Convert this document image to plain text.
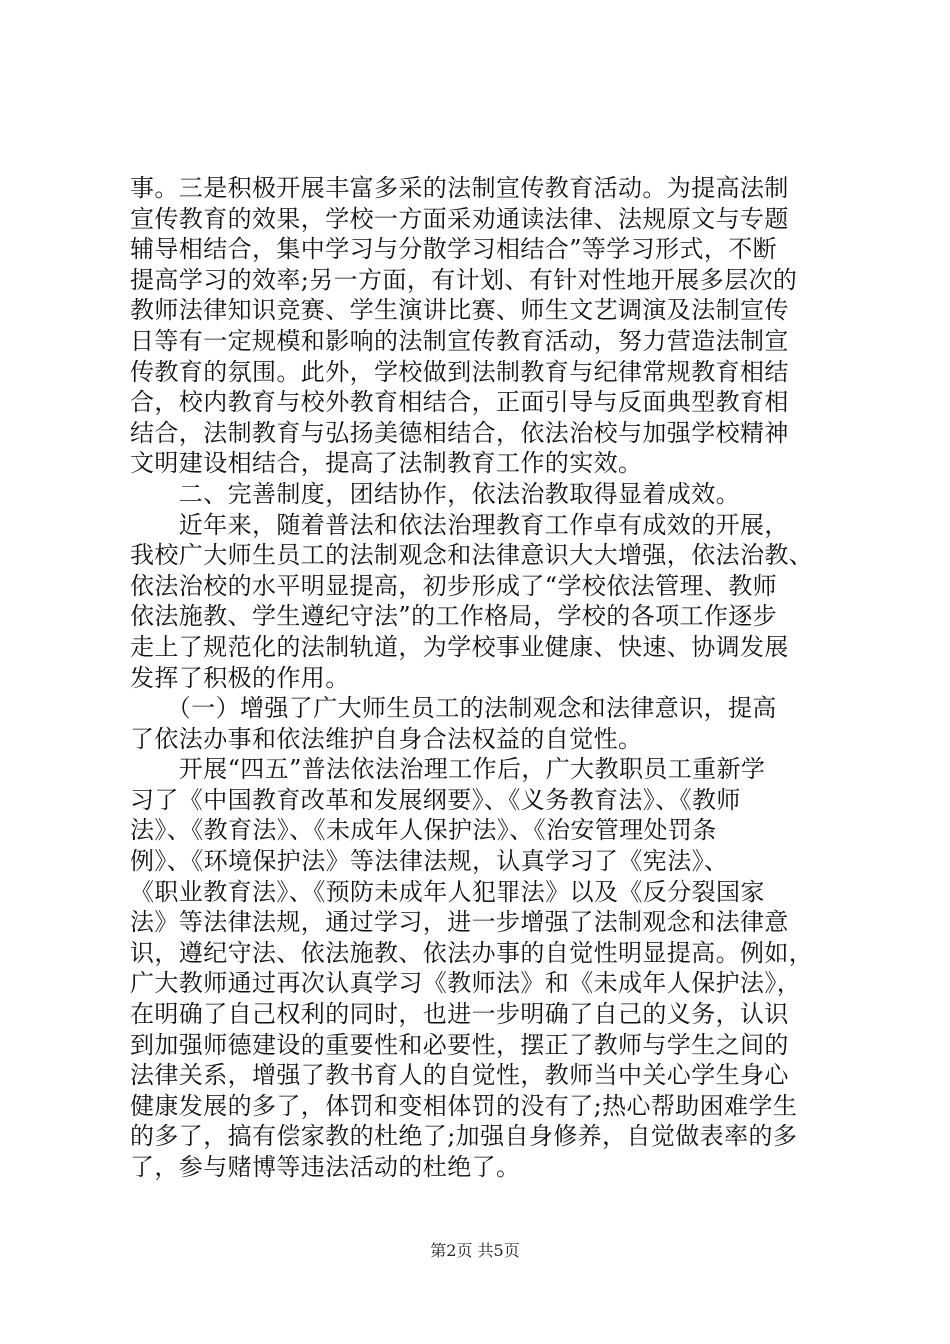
事。三是积极开展丰富多采的法制宣传教育活动。为提高法制
宣传教育的效果，学校一方面采劝通读法律、法规原文与专题
辅导相结合，集中学习与分散学习相结合”等学习形式，不断
提高学习的效率;另一方面，有计划、有针对性地开展多层次的
教师法律知识竞赛、学生演讲比赛、师生文艺调演及法制宣传
日等有一定规模和影响的法制宣传教育活动，努力营造法制宣
传教育的氛围。此外，学校做到法制教育与纪律常规教育相结
合，校内教育与校外教育相结合，正面引导与反面典型教育相
结合，法制教育与弘扬美德相结合，依法治校与加强学校精神
文明建设相结合，提高了法制教育工作的实效。
　　二、完善制度，团结协作，依法治教取得显着成效。
　　近年来，随着普法和依法治理教育工作卓有成效的开展，
我校广大师生员工的法制观念和法律意识大大增强，依法治教、
依法治校的水平明显提高，初步形成了“学校依法管理、教师
依法施教、学生遵纪守法”的工作格局，学校的各项工作逐步
走上了规范化的法制轨道，为学校事业健康、快速、协调发展
发挥了积极的作用。
　　（一）增强了广大师生员工的法制观念和法律意识，提高
了依法办事和依法维护自身合法权益的自觉性。
　　开展“四五”普法依法治理工作后，广大教职员工重新学
习了《中国教育改革和发展纲要》、《义务教育法》、《教师
法》、《教育法》、《未成年人保护法》、《治安管理处罚条
例》、《环境保护法》等法律法规，认真学习了《宪法》、
《职业教育法》、《预防未成年人犯罪法》以及《反分裂国家
法》等法律法规，通过学习，进一步增强了法制观念和法律意
识，遵纪守法、依法施教、依法办事的自觉性明显提高。例如，
广大教师通过再次认真学习《教师法》和《未成年人保护法》，
在明确了自己权利的同时，也进一步明确了自己的义务，认识
到加强师德建设的重要性和必要性，摆正了教师与学生之间的
法律关系，增强了教书育人的自觉性，教师当中关心学生身心
健康发展的多了，体罚和变相体罚的没有了;热心帮助困难学生
的多了，搞有偿家教的杜绝了;加强自身修养，自觉做表率的多
了，参与赌博等违法活动的杜绝了。
第2页 共5页
